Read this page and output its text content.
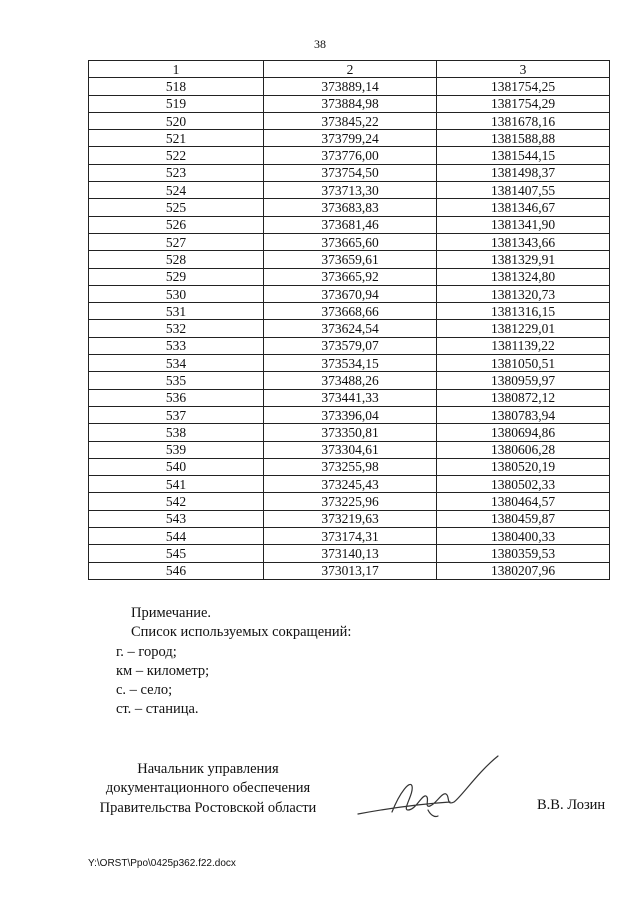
38
1	2	3
518	373889,14	1381754,25
519	373884,98	1381754,29
520	373845,22	1381678,16
521	373799,24	1381588,88
522	373776,00	1381544,15
523	373754,50	1381498,37
524	373713,30	1381407,55
525	373683,83	1381346,67
526	373681,46	1381341,90
527	373665,60	1381343,66
528	373659,61	1381329,91
529	373665,92	1381324,80
530	373670,94	1381320,73
531	373668,66	1381316,15
532	373624,54	1381229,01
533	373579,07	1381139,22
534	373534,15	1381050,51
535	373488,26	1380959,97
536	373441,33	1380872,12
537	373396,04	1380783,94
538	373350,81	1380694,86
539	373304,61	1380606,28
540	373255,98	1380520,19
541	373245,43	1380502,33
542	373225,96	1380464,57
543	373219,63	1380459,87
544	373174,31	1380400,33
545	373140,13	1380359,53
546	373013,17	1380207,96
Примечание.
Список используемых сокращений:
г. – город;
км – километр;
с. – село;
ст. – станица.
Начальник управления
документационного обеспечения
Правительства Ростовской области	В.В. Лозин
Y:\ORST\Ppo\0425p362.f22.docx
